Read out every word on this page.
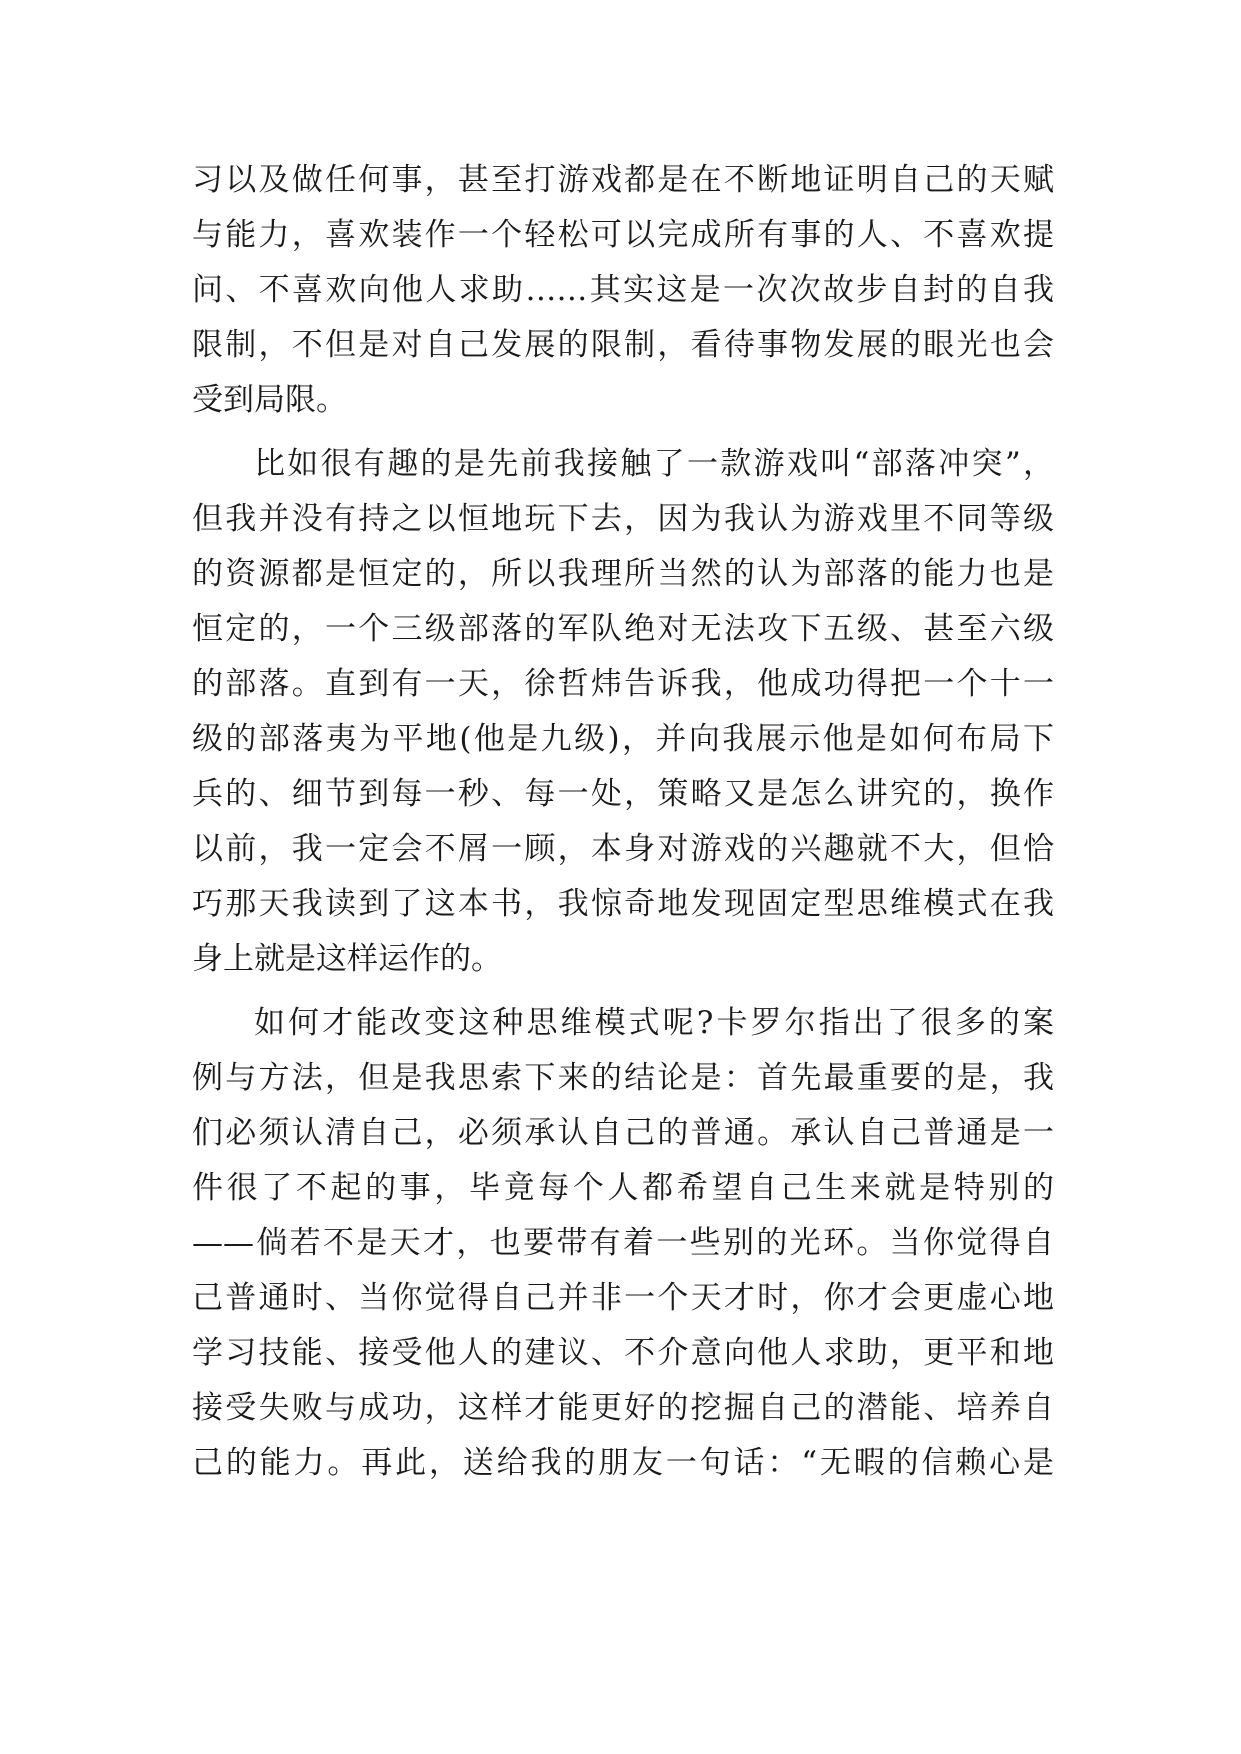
习以及做任何事，甚至打游戏都是在不断地证明自己的天赋
与能力，喜欢装作一个轻松可以完成所有事的人、不喜欢提
问、不喜欢向他人求助……其实这是一次次故步自封的自我
限制，不但是对自己发展的限制，看待事物发展的眼光也会
受到局限。
比如很有趣的是先前我接触了一款游戏叫“部落冲突”，
但我并没有持之以恒地玩下去，因为我认为游戏里不同等级
的资源都是恒定的，所以我理所当然的认为部落的能力也是
恒定的，一个三级部落的军队绝对无法攻下五级、甚至六级
的部落。直到有一天，徐哲炜告诉我，他成功得把一个十一
级的部落夷为平地(他是九级)，并向我展示他是如何布局下
兵的、细节到每一秒、每一处，策略又是怎么讲究的，换作
以前，我一定会不屑一顾，本身对游戏的兴趣就不大，但恰
巧那天我读到了这本书，我惊奇地发现固定型思维模式在我
身上就是这样运作的。
如何才能改变这种思维模式呢?卡罗尔指出了很多的案
例与方法，但是我思索下来的结论是：首先最重要的是，我
们必须认清自己，必须承认自己的普通。承认自己普通是一
件很了不起的事，毕竟每个人都希望自己生来就是特别的
——倘若不是天才，也要带有着一些别的光环。当你觉得自
己普通时、当你觉得自己并非一个天才时，你才会更虚心地
学习技能、接受他人的建议、不介意向他人求助，更平和地
接受失败与成功，这样才能更好的挖掘自己的潜能、培养自
己的能力。再此，送给我的朋友一句话：“无暇的信赖心是
